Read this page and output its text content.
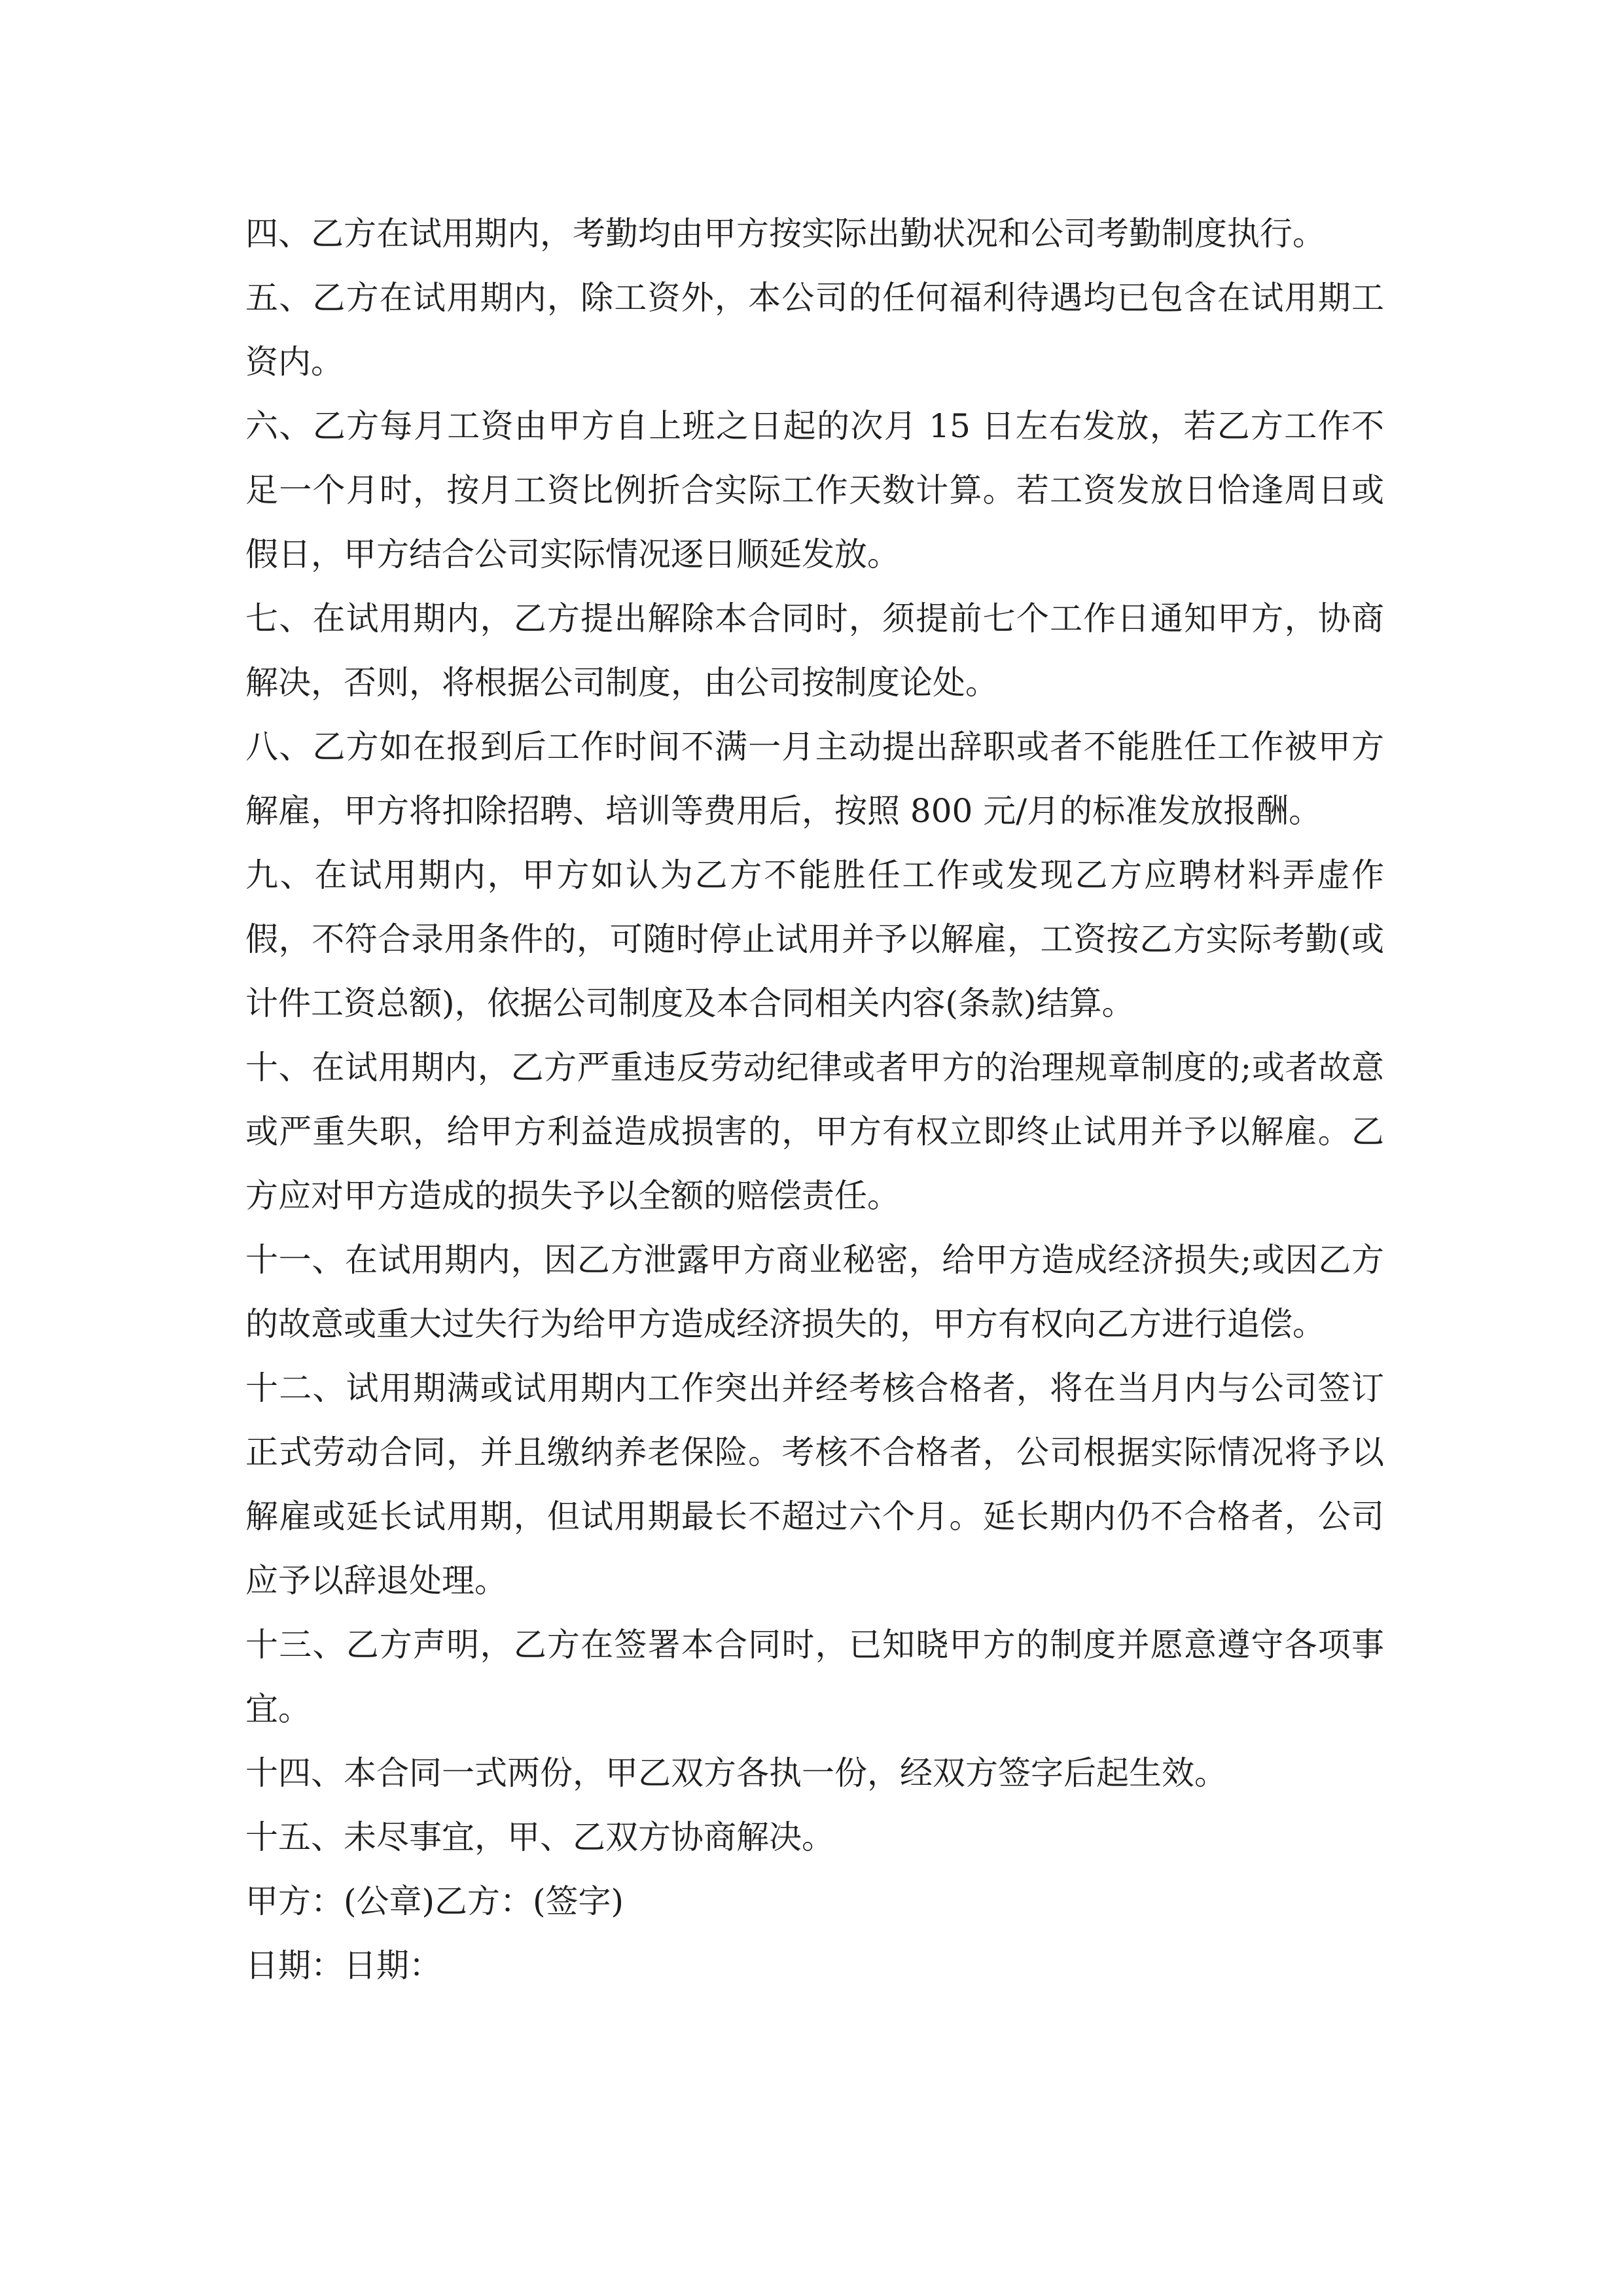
四、乙方在试用期内，考勤均由甲方按实际出勤状况和公司考勤制度执行。

五、乙方在试用期内，除工资外，本公司的任何福利待遇均已包含在试用期工资内。

六、乙方每月工资由甲方自上班之日起的次月 15 日左右发放，若乙方工作不足一个月时，按月工资比例折合实际工作天数计算。若工资发放日恰逢周日或假日，甲方结合公司实际情况逐日顺延发放。

七、在试用期内，乙方提出解除本合同时，须提前七个工作日通知甲方，协商解决，否则，将根据公司制度，由公司按制度论处。

八、乙方如在报到后工作时间不满一月主动提出辞职或者不能胜任工作被甲方解雇，甲方将扣除招聘、培训等费用后，按照 800 元/月的标准发放报酬。

九、在试用期内，甲方如认为乙方不能胜任工作或发现乙方应聘材料弄虚作假，不符合录用条件的，可随时停止试用并予以解雇，工资按乙方实际考勤(或计件工资总额)，依据公司制度及本合同相关内容(条款)结算。

十、在试用期内，乙方严重违反劳动纪律或者甲方的治理规章制度的;或者故意或严重失职，给甲方利益造成损害的，甲方有权立即终止试用并予以解雇。乙方应对甲方造成的损失予以全额的赔偿责任。

十一、在试用期内，因乙方泄露甲方商业秘密，给甲方造成经济损失;或因乙方的故意或重大过失行为给甲方造成经济损失的，甲方有权向乙方进行追偿。

十二、试用期满或试用期内工作突出并经考核合格者，将在当月内与公司签订正式劳动合同，并且缴纳养老保险。考核不合格者，公司根据实际情况将予以解雇或延长试用期，但试用期最长不超过六个月。延长期内仍不合格者，公司应予以辞退处理。

十三、乙方声明，乙方在签署本合同时，已知晓甲方的制度并愿意遵守各项事宜。

十四、本合同一式两份，甲乙双方各执一份，经双方签字后起生效。

十五、未尽事宜，甲、乙双方协商解决。

甲方：(公章)乙方：(签字)

日期：日期：
